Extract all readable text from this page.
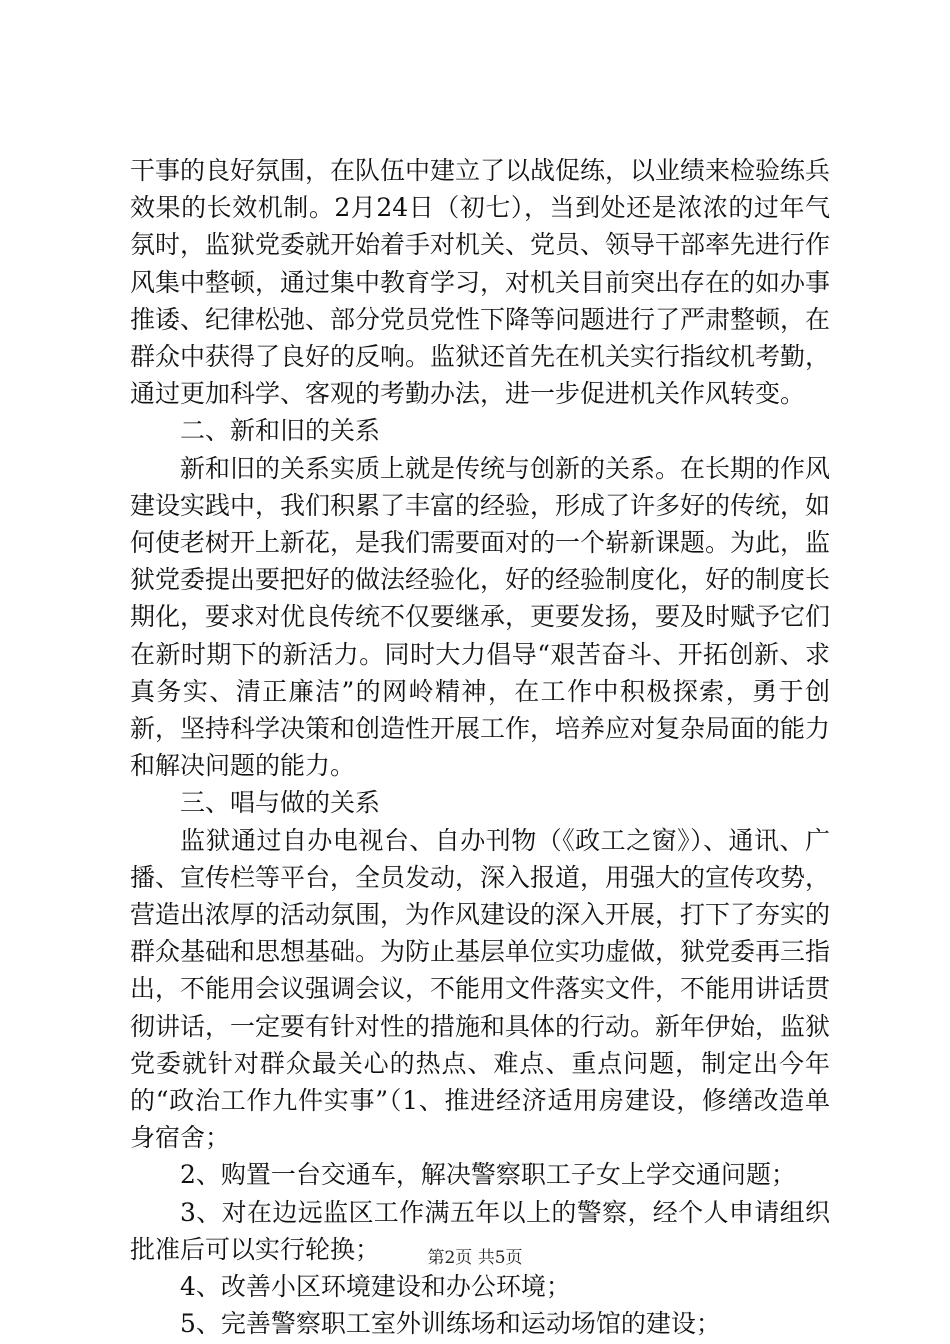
干事的良好氛围，在队伍中建立了以战促练，以业绩来检验练兵效果的长效机制。2月24日（初七），当到处还是浓浓的过年气氛时，监狱党委就开始着手对机关、党员、领导干部率先进行作风集中整顿，通过集中教育学习，对机关目前突出存在的如办事推诿、纪律松弛、部分党员党性下降等问题进行了严肃整顿，在群众中获得了良好的反响。监狱还首先在机关实行指纹机考勤，通过更加科学、客观的考勤办法，进一步促进机关作风转变。

二、新和旧的关系

新和旧的关系实质上就是传统与创新的关系。在长期的作风建设实践中，我们积累了丰富的经验，形成了许多好的传统，如何使老树开上新花，是我们需要面对的一个崭新课题。为此，监狱党委提出要把好的做法经验化，好的经验制度化，好的制度长期化，要求对优良传统不仅要继承，更要发扬，要及时赋予它们在新时期下的新活力。同时大力倡导“艰苦奋斗、开拓创新、求真务实、清正廉洁”的网岭精神，在工作中积极探索，勇于创新，坚持科学决策和创造性开展工作，培养应对复杂局面的能力和解决问题的能力。

三、唱与做的关系

监狱通过自办电视台、自办刊物（《政工之窗》）、通讯、广播、宣传栏等平台，全员发动，深入报道，用强大的宣传攻势，营造出浓厚的活动氛围，为作风建设的深入开展，打下了夯实的群众基础和思想基础。为防止基层单位实功虚做，狱党委再三指出，不能用会议强调会议，不能用文件落实文件，不能用讲话贯彻讲话，一定要有针对性的措施和具体的行动。新年伊始，监狱党委就针对群众最关心的热点、难点、重点问题，制定出今年的“政治工作九件实事”（1、推进经济适用房建设，修缮改造单身宿舍；

2、购置一台交通车，解决警察职工子女上学交通问题；

3、对在边远监区工作满五年以上的警察，经个人申请组织批准后可以实行轮换；

4、改善小区环境建设和办公环境；

5、完善警察职工室外训练场和运动场馆的建设；

第2页 共5页
